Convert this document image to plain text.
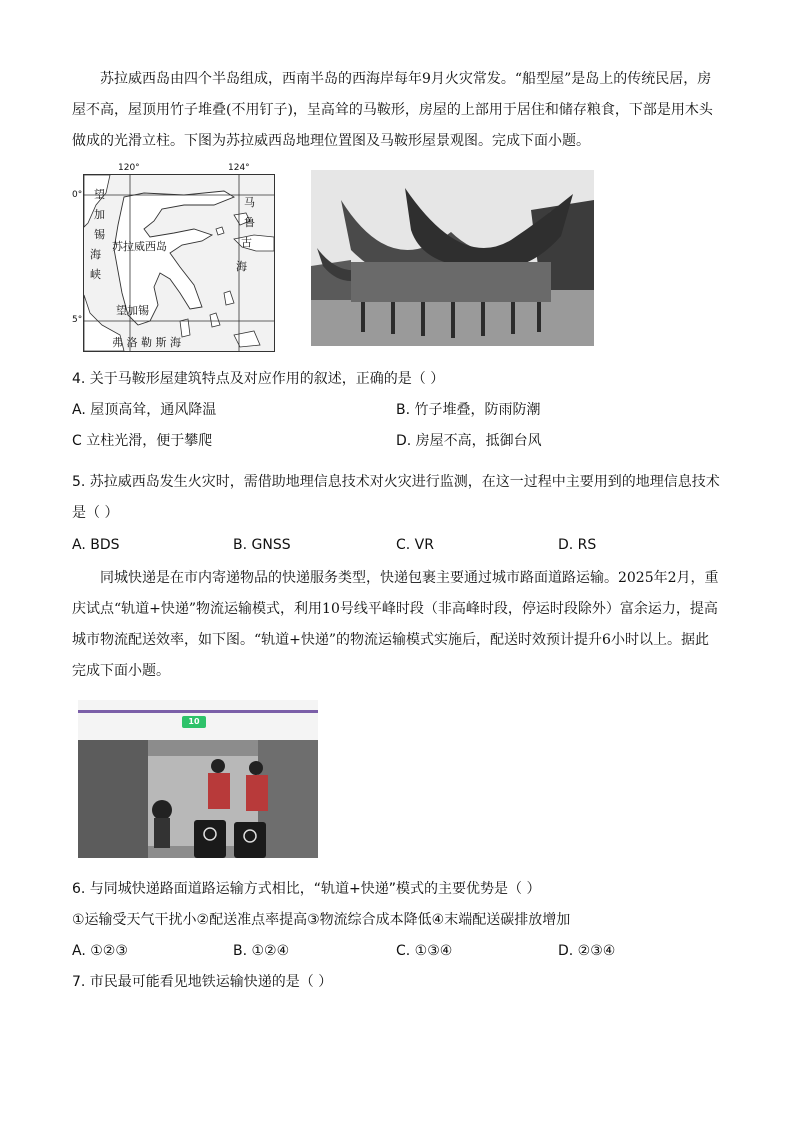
苏拉威西岛由四个半岛组成，西南半岛的西海岸每年9月火灾常发。“船型屋”是岛上的传统民居，房屋不高，屋顶用竹子堆叠(不用钉子)，呈高耸的马鞍形，房屋的上部用于居住和储存粮食，下部是用木头做成的光滑立柱。下图为苏拉威西岛地理位置图及马鞍形屋景观图。完成下面小题。
望
加
锡
海
峡
苏拉威西岛
望加锡
马
鲁
古
海
弗 洛 勒 斯 海
120°	124°
0°
5°
4. 关于马鞍形屋建筑特点及对应作用的叙述，正确的是（ ）
A. 屋顶高耸，通风降温	B. 竹子堆叠，防雨防潮
C 立柱光滑，便于攀爬	D. 房屋不高，抵御台风
5. 苏拉威西岛发生火灾时，需借助地理信息技术对火灾进行监测，在这一过程中主要用到的地理信息技术是（ ）
A. BDS	B. GNSS	C. VR	D. RS
同城快递是在市内寄递物品的快递服务类型，快递包裹主要通过城市路面道路运输。2025年2月，重庆试点“轨道+快递”物流运输模式，利用10号线平峰时段（非高峰时段，停运时段除外）富余运力，提高城市物流配送效率，如下图。“轨道+快递”的物流运输模式实施后，配送时效预计提升6小时以上。据此完成下面小题。
10
6. 与同城快递路面道路运输方式相比，“轨道+快递”模式的主要优势是（ ）
①运输受天气干扰小②配送准点率提高③物流综合成本降低④末端配送碳排放增加
A. ①②③	B. ①②④	C. ①③④	D. ②③④
7. 市民最可能看见地铁运输快递的是（ ）
